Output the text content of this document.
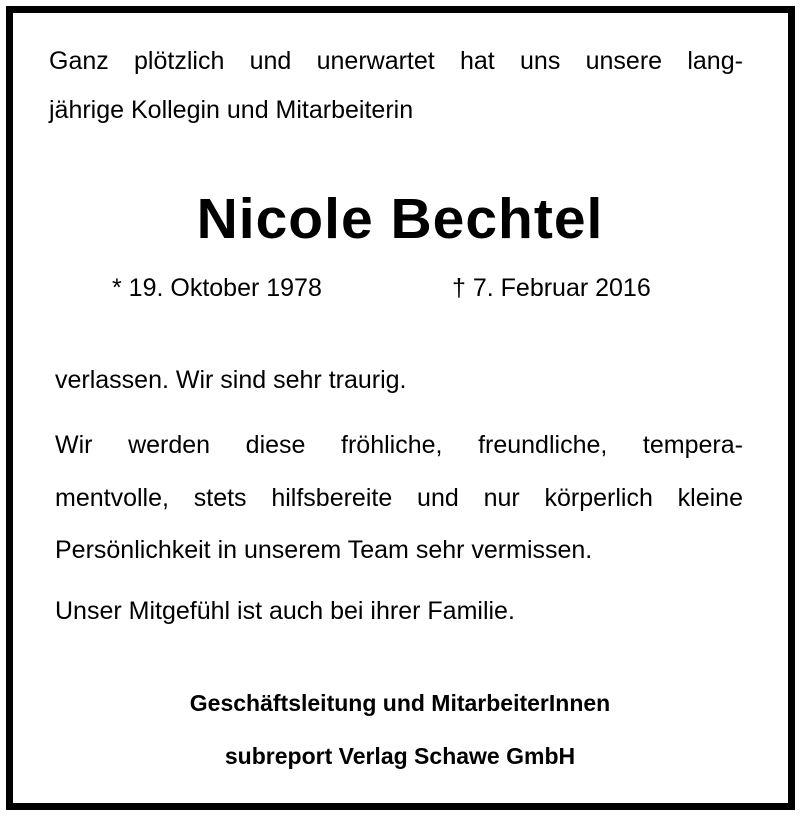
Ganz plötzlich und unerwartet hat uns unsere lang-
jährige Kollegin und Mitarbeiterin
Nicole Bechtel
* 19. Oktober 1978	† 7. Februar 2016
verlassen. Wir sind sehr traurig.
Wir werden diese fröhliche, freundliche, tempera-
mentvolle, stets hilfsbereite und nur körperlich kleine
Persönlichkeit in unserem Team sehr vermissen.
Unser Mitgefühl ist auch bei ihrer Familie.
Geschäftsleitung und MitarbeiterInnen
subreport Verlag Schawe GmbH
